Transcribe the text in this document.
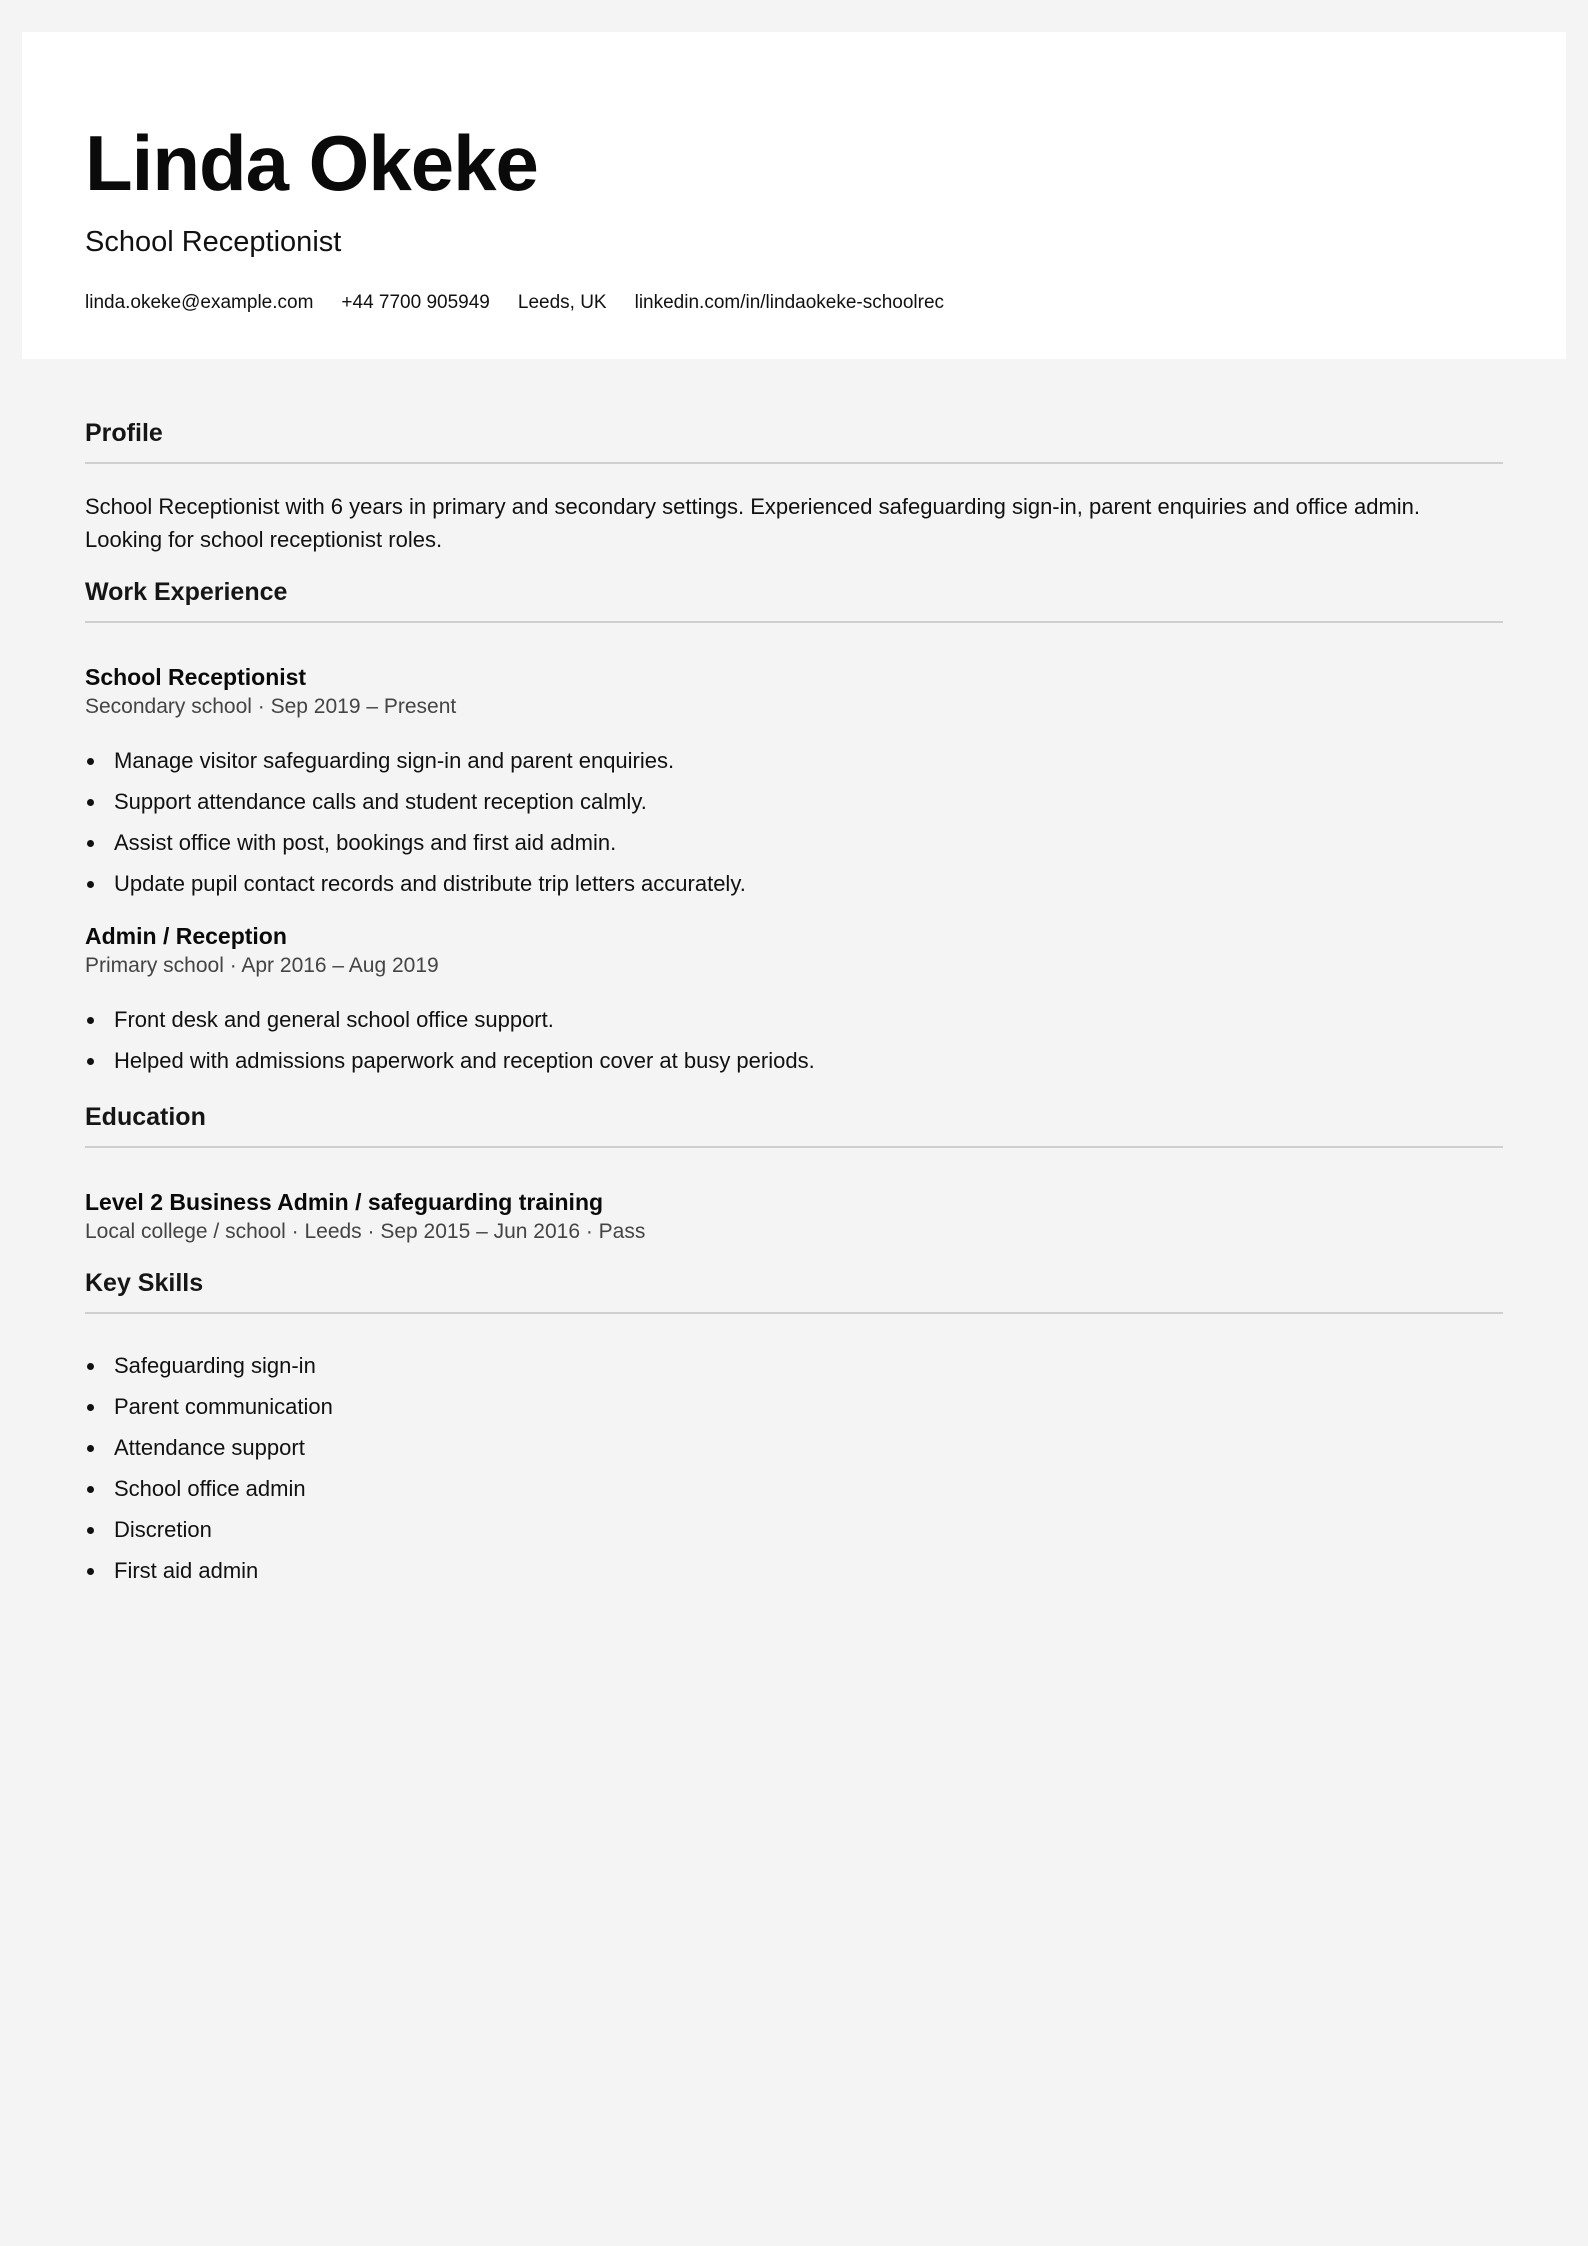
Linda Okeke

School Receptionist

linda.okeke@example.com +44 7700 905949 Leeds, UK linkedin.com/in/lindaokeke-schoolrec
Profile

School Receptionist with 6 years in primary and secondary settings. Experienced safeguarding sign-in, parent enquiries and office admin. Looking for school receptionist roles.

Work Experience

School Receptionist

Secondary school · Sep 2019 – Present

Manage visitor safeguarding sign-in and parent enquiries.
Support attendance calls and student reception calmly.
Assist office with post, bookings and first aid admin.
Update pupil contact records and distribute trip letters accurately.

Admin / Reception

Primary school · Apr 2016 – Aug 2019

Front desk and general school office support.
Helped with admissions paperwork and reception cover at busy periods.
Education

Level 2 Business Admin / safeguarding training

Local college / school · Leeds · Sep 2015 – Jun 2016 · Pass

Key Skills
Safeguarding sign-in
Parent communication
Attendance support
School office admin
Discretion
First aid admin
